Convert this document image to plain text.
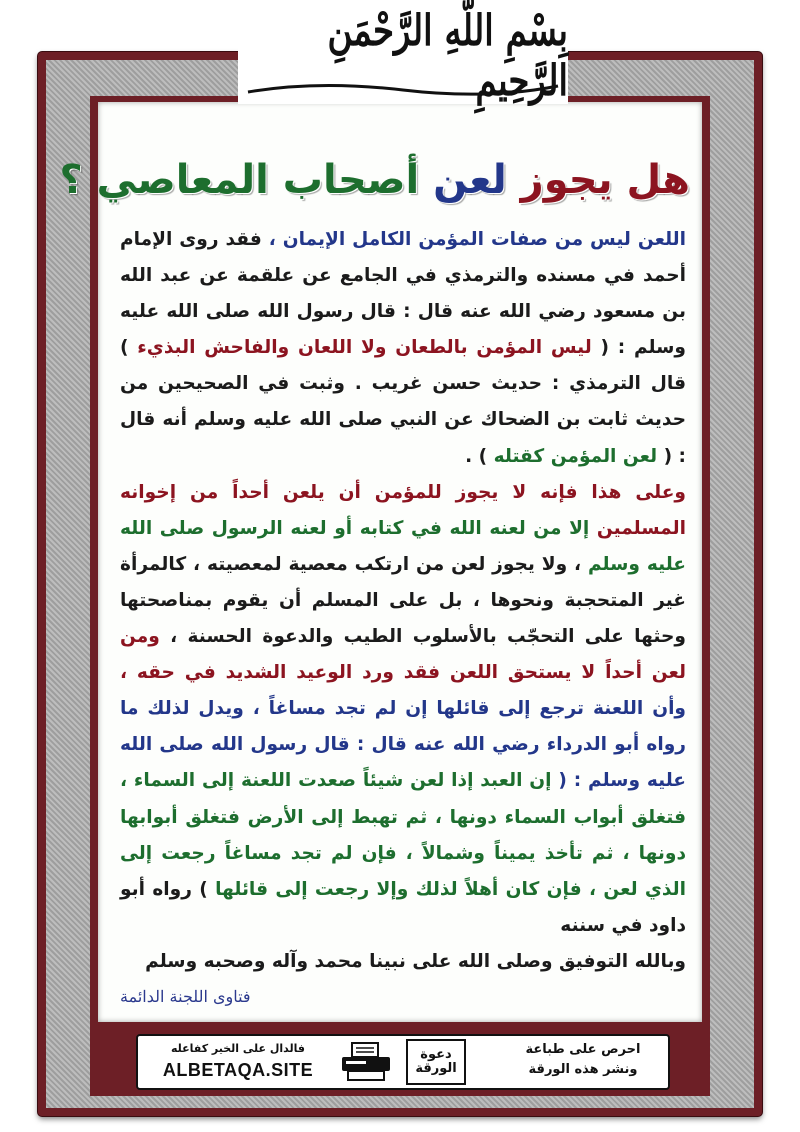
بِسْمِ اللَّهِ الرَّحْمَنِ الرَّحِيمِ
هل يجوز لعن أصحاب المعاصي ؟
اللعن ليس من صفات المؤمن الكامل الإيمان ، فقد روى الإمام أحمد في مسنده والترمذي في الجامع عن علقمة عن عبد الله بن مسعود رضي الله عنه قال : قال رسول الله صلى الله عليه وسلم : ( ليس المؤمن بالطعان ولا اللعان والفاحش البذيء ) قال الترمذي : حديث حسن غريب . وثبت في الصحيحين من حديث ثابت بن الضحاك عن النبي صلى الله عليه وسلم أنه قال : ( لعن المؤمن كقتله ) .
وعلى هذا فإنه لا يجوز للمؤمن أن يلعن أحداً من إخوانه المسلمين إلا من لعنه الله في كتابه أو لعنه الرسول صلى الله عليه وسلم ، ولا يجوز لعن من ارتكب معصية لمعصيته ، كالمرأة غير المتحجبة ونحوها ، بل على المسلم أن يقوم بمناصحتها وحثها على التحجّب بالأسلوب الطيب والدعوة الحسنة ، ومن لعن أحداً لا يستحق اللعن فقد ورد الوعيد الشديد في حقه ، وأن اللعنة ترجع إلى قائلها إن لم تجد مساغاً ، ويدل لذلك ما رواه أبو الدرداء رضي الله عنه قال : قال رسول الله صلى الله عليه وسلم : ( إن العبد إذا لعن شيئاً صعدت اللعنة إلى السماء ، فتغلق أبواب السماء دونها ، ثم تهبط إلى الأرض فتغلق أبوابها دونها ، ثم تأخذ يميناً وشمالاً ، فإن لم تجد مساغاً رجعت إلى الذي لعن ، فإن كان أهلاً لذلك وإلا رجعت إلى قائلها ) رواه أبو داود في سننه
وبالله التوفيق وصلى الله على نبينا محمد وآله وصحبه وسلم
فتاوى اللجنة الدائمة
احرص على طباعة
ونشر هذه الورقة
دعوة
الورقة
فالدال على الخير كفاعله
ALBETAQA.SITE
